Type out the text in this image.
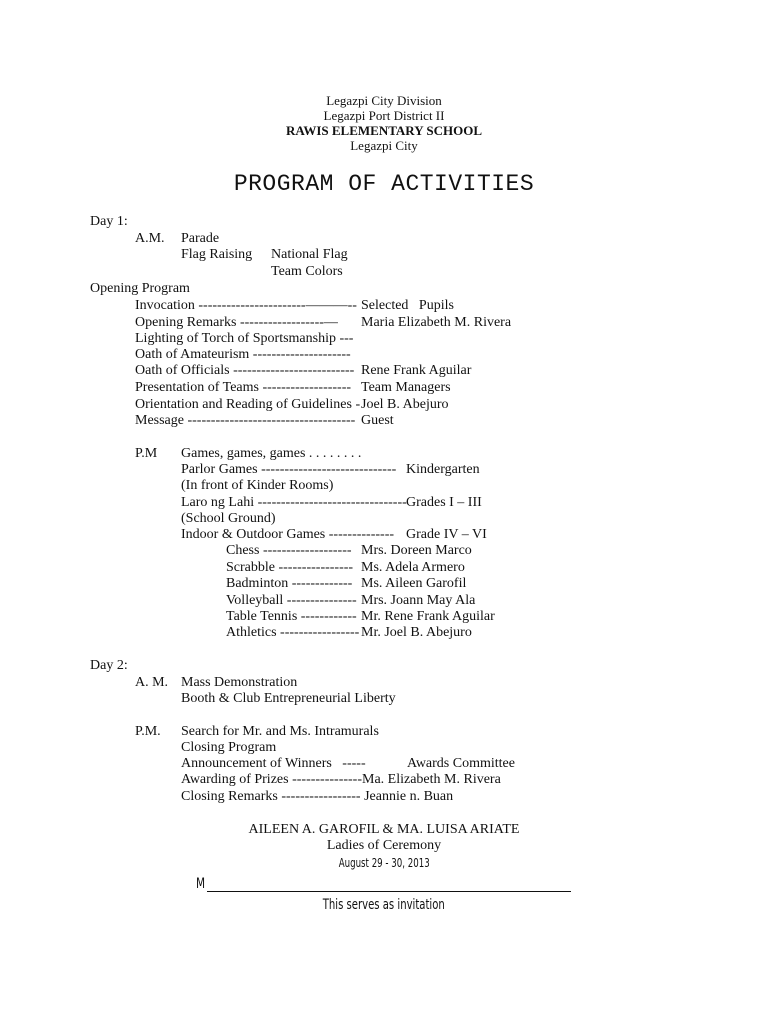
Legazpi City Division
Legazpi Port District II
RAWIS ELEMENTARY SCHOOL
Legazpi City
PROGRAM OF ACTIVITIES
Day 1:
A.M. Parade
Flag Raising National Flag
Team Colors
Opening Program
Invocation -----------------------———-- Selected   Pupils
Opening Remarks ------------------— Maria Elizabeth M. Rivera
Lighting of Torch of Sportsmanship ---
Oath of Amateurism ---------------------
Oath of Officials -------------------------- Rene Frank Aguilar
Presentation of Teams ------------------- Team Managers
Orientation and Reading of Guidelines - Joel B. Abejuro
Message ------------------------------------ Guest
P.M Games, games, games . . . . . . . .
Parlor Games ----------------------------- Kindergarten
(In front of Kinder Rooms)
Laro ng Lahi -------------------------------- Grades I – III
(School Ground)
Indoor & Outdoor Games -------------- Grade IV – VI
Chess ------------------- Mrs. Doreen Marco
Scrabble ---------------- Ms. Adela Armero
Badminton ------------- Ms. Aileen Garofil
Volleyball --------------- Mrs. Joann May Ala
Table Tennis ------------ Mr. Rene Frank Aguilar
Athletics ----------------- Mr. Joel B. Abejuro
Day 2:
A. M. Mass Demonstration
Booth & Club Entrepreneurial Liberty
P.M. Search for Mr. and Ms. Intramurals
Closing Program
Announcement of Winners   -----	Awards Committee
Awarding of Prizes ---------------Ma. Elizabeth M. Rivera
Closing Remarks ----------------- Jeannie n. Buan
AILEEN A. GAROFIL & MA. LUISA ARIATE
Ladies of Ceremony
August 29 - 30, 2013
M
This serves as invitation
